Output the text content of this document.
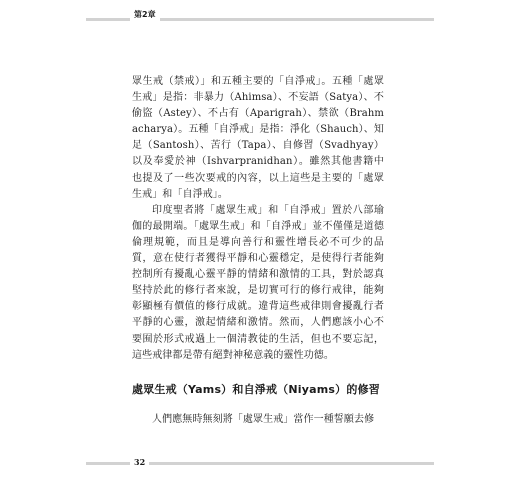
第2章

眾生戒（禁戒）」和五種主要的「自淨戒」。五種「處眾生戒」是指：非暴力（Ahimsa）、不妄語（Satya）、不偷盜（Astey）、不占有（Aparigrah）、禁欲（Brahmacharya）。五種「自淨戒」是指：淨化（Shauch）、知足（Santosh）、苦行（Tapa）、自修習（Svadhyay）以及奉愛於神（Ishvarpranidhan）。雖然其他書籍中也提及了一些次要戒的內容，以上這些是主要的「處眾生戒」和「自淨戒」。

印度聖者將「處眾生戒」和「自淨戒」置於八部瑜伽的最開端。「處眾生戒」和「自淨戒」並不僅僅是道德倫理規範，而且是導向善行和靈性增長必不可少的品質，意在使行者獲得平靜和心靈穩定，是使得行者能夠控制所有擾亂心靈平靜的情緒和激情的工具，對於認真堅持於此的修行者來說，是切實可行的修行戒律，能夠彰顯極有價值的修行成就。違背這些戒律則會擾亂行者平靜的心靈，激起情緒和激情。然而，人們應該小心不要囿於形式戒過上一個清教徒的生活，但也不要忘記，這些戒律都是帶有絕對神秘意義的靈性功德。

處眾生戒（Yams）和自淨戒（Niyams）的修習

人們應無時無刻將「處眾生戒」當作一種誓願去修

32
